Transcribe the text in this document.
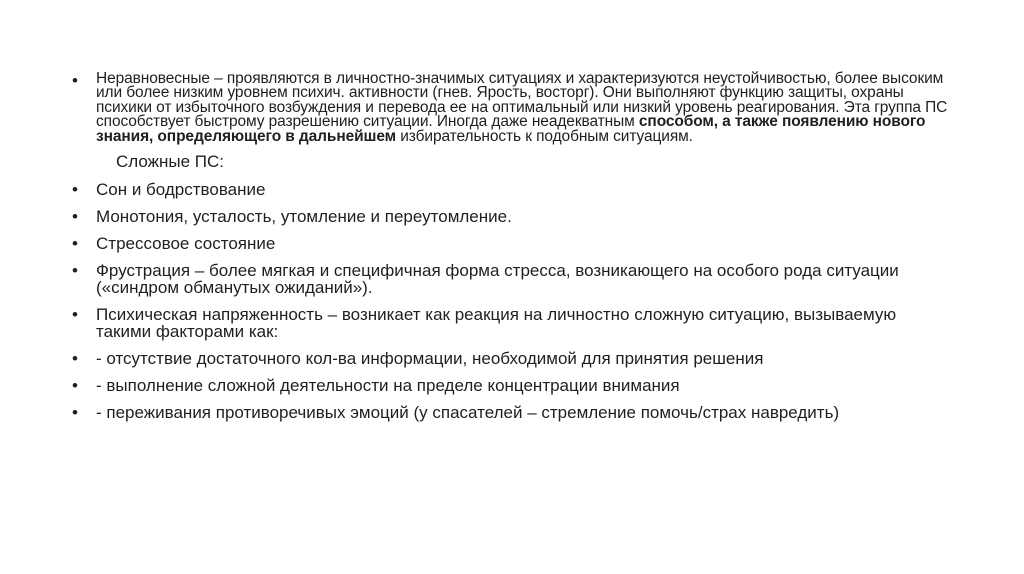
• Неравновесные – проявляются в личностно-значимых ситуациях и характеризуются неустойчивостью, более высоким или более низким уровнем психич. активности (гнев. Ярость, восторг). Они выполняют функцию защиты, охраны психики от избыточного возбуждения и перевода ее на оптимальный или низкий уровень реагирования. Эта группа ПС способствует быстрому разрешению ситуации. Иногда даже неадекватным способом, а также появлению нового знания, определяющего в дальнейшем избирательность к подобным ситуациям.
Сложные ПС:
• Сон и бодрствование
• Монотония, усталость, утомление и переутомление.
• Стрессовое состояние
• Фрустрация – более мягкая и специфичная форма стресса, возникающего на особого рода ситуации («синдром обманутых ожиданий»).
• Психическая напряженность – возникает как реакция на личностно сложную ситуацию, вызываемую такими факторами как:
• - отсутствие достаточного кол-ва информации, необходимой для принятия решения
• - выполнение сложной деятельности на пределе концентрации внимания
• - переживания противоречивых эмоций (у спасателей – стремление помочь/страх навредить)
